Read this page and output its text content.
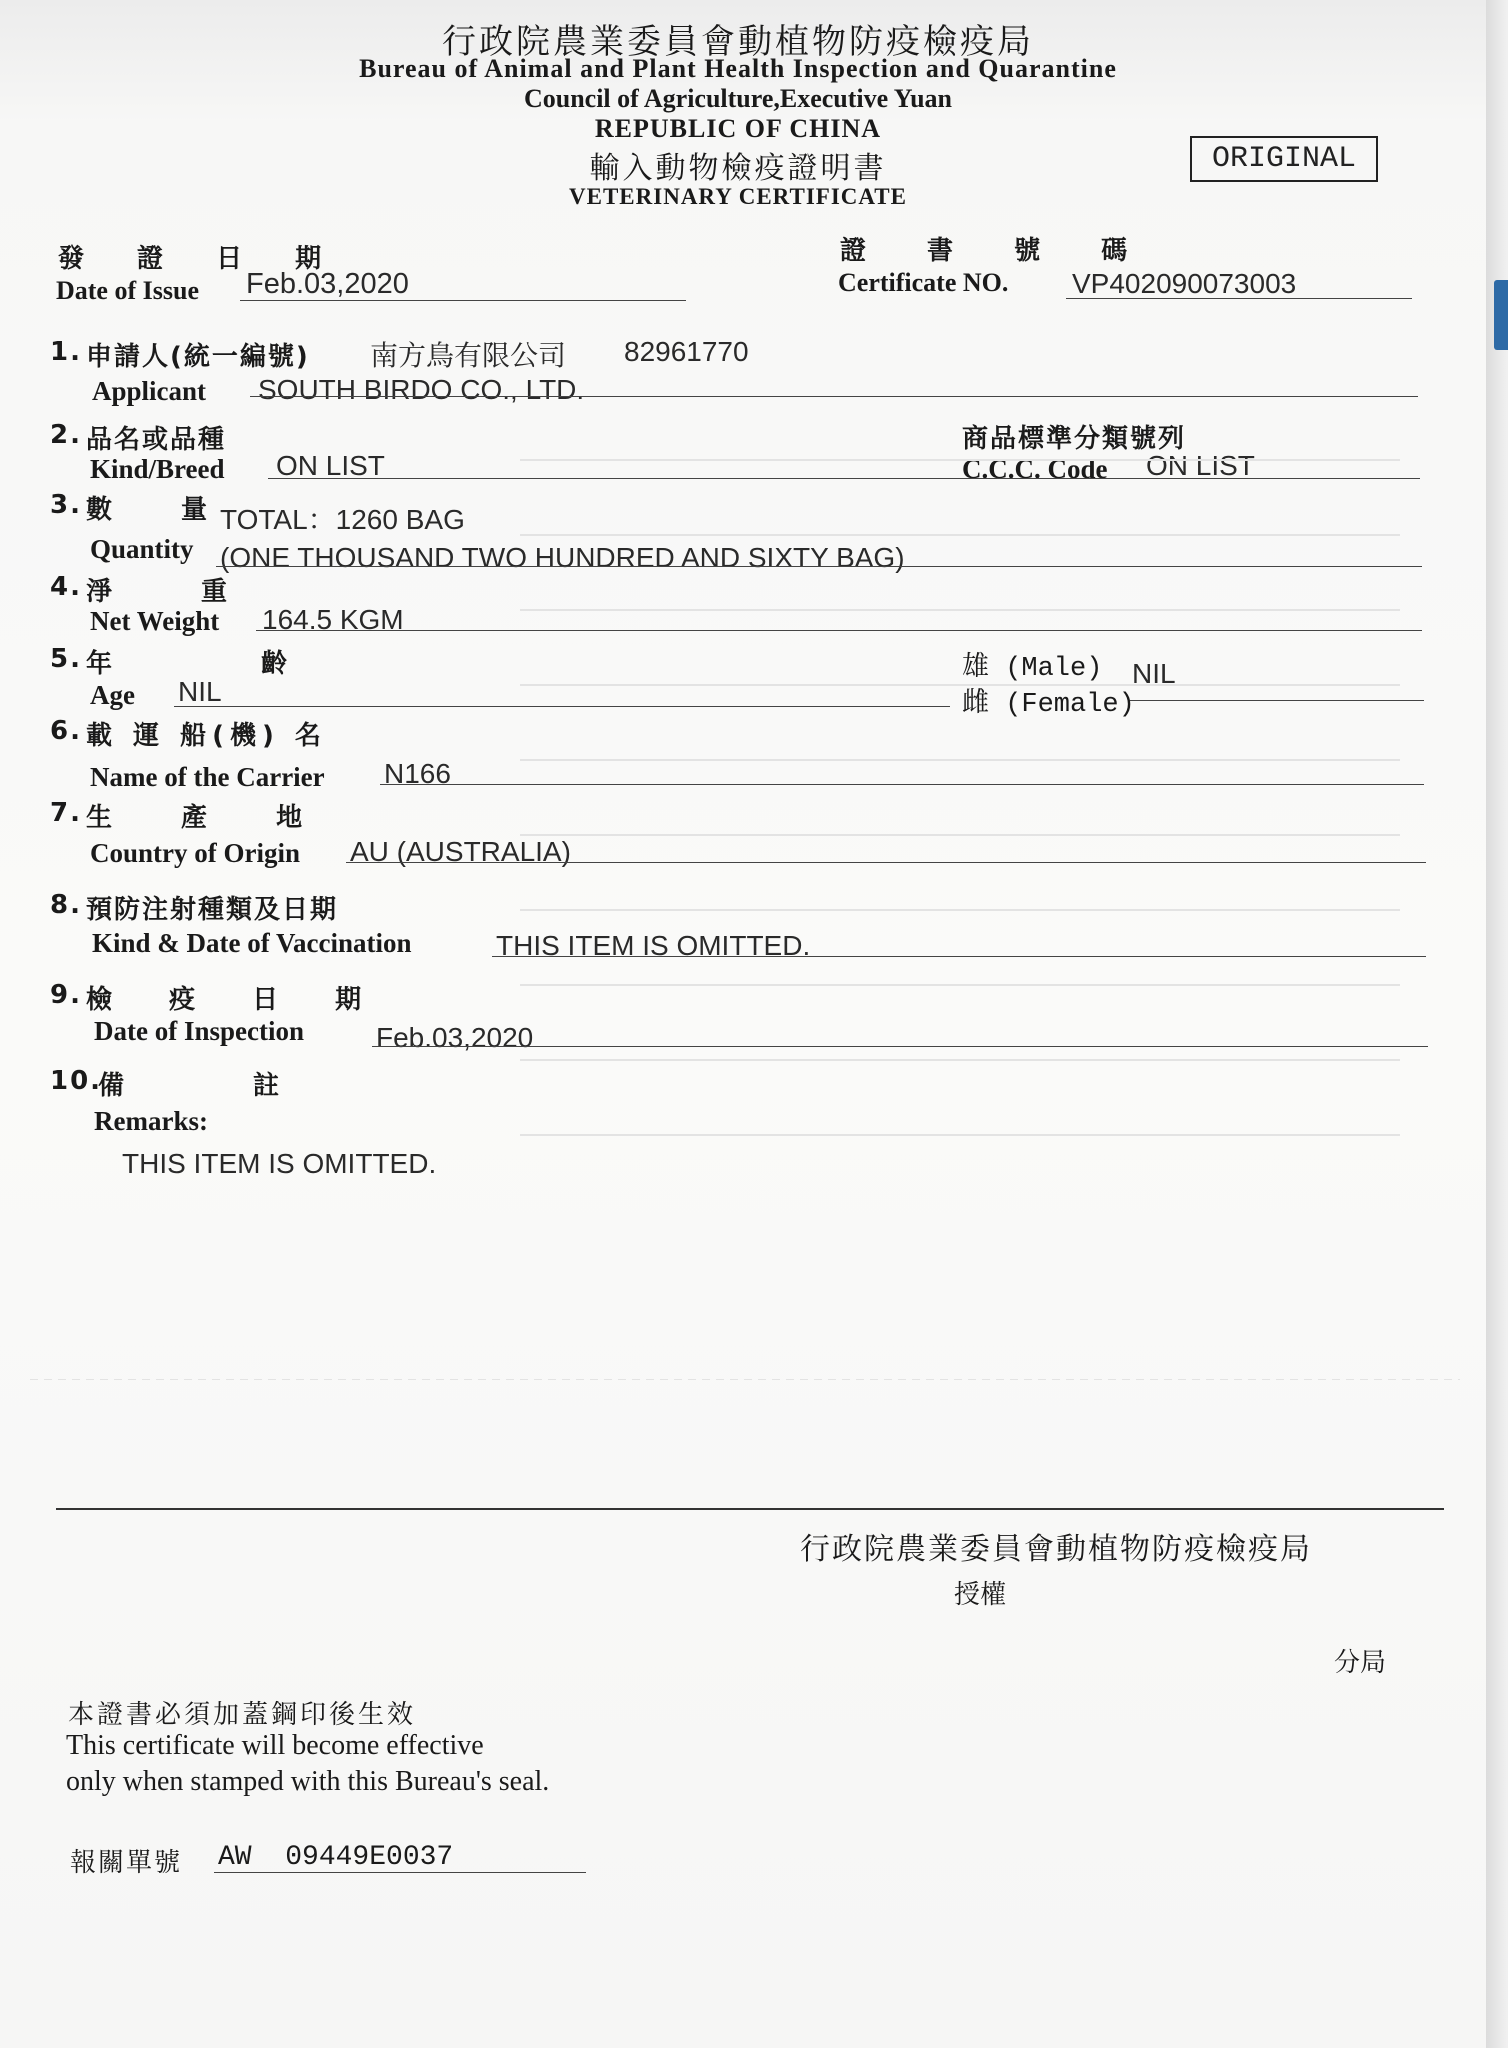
行政院農業委員會動植物防疫檢疫局
Bureau of Animal and Plant Health Inspection and Quarantine
Council of Agriculture,Executive Yuan
REPUBLIC OF CHINA
輸入動物檢疫證明書
VETERINARY CERTIFICATE
ORIGINAL
發 證 日 期
Date of Issue Feb.03,2020
證 書 號 碼
Certificate NO. VP402090073003
1. 申請人(統一編號) 南方鳥有限公司 82961770
Applicant SOUTH BIRDO CO., LTD.
2. 品名或品種
Kind/Breed ON LIST
商品標準分類號列
C.C.C. Code ON LIST
3. 數 量
TOTAL：1260 BAG
Quantity (ONE THOUSAND TWO HUNDRED AND SIXTY BAG)
4. 淨 重
Net Weight 164.5 KGM
5. 年 齡
Age NIL
雄 (Male)
雌 (Female)
NIL
6. 載 運 船(機) 名
Name of the Carrier N166
7. 生 產 地
Country of Origin AU (AUSTRALIA)
8. 預防注射種類及日期
Kind & Date of Vaccination	THIS ITEM IS OMITTED.
9. 檢 疫 日 期
Date of Inspection	Feb.03,2020
10.
備 註
Remarks:
THIS ITEM IS OMITTED.
行政院農業委員會動植物防疫檢疫局
授權
分局
本證書必須加蓋鋼印後生效
This certificate will become effective
only when stamped with this Bureau's seal.
報關單號 AW  09449E0037
